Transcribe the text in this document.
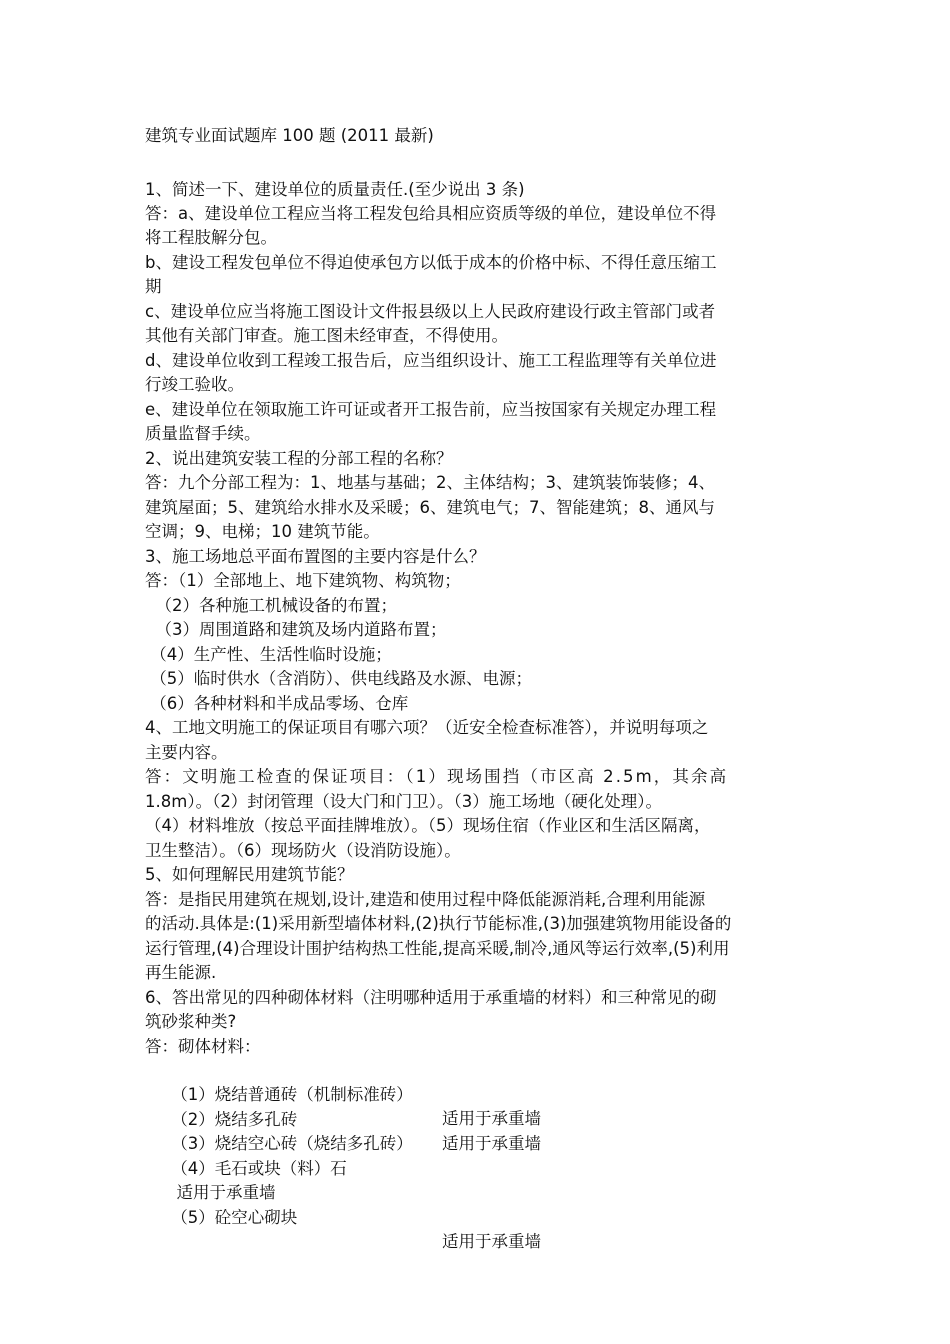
建筑专业面试题库 100 题 (2011 最新)
1、简述一下、建设单位的质量责任.(至少说出 3 条)
答：a、建设单位工程应当将工程发包给具相应资质等级的单位，建设单位不得
将工程肢解分包。
b、建设工程发包单位不得迫使承包方以低于成本的价格中标、不得任意压缩工
期
c、建设单位应当将施工图设计文件报县级以上人民政府建设行政主管部门或者
其他有关部门审查。施工图未经审查，不得使用。
d、建设单位收到工程竣工报告后，应当组织设计、施工工程监理等有关单位进
行竣工验收。
e、建设单位在领取施工许可证或者开工报告前，应当按国家有关规定办理工程
质量监督手续。
2、说出建筑安装工程的分部工程的名称？
答：九个分部工程为：1、地基与基础；2、主体结构；3、建筑装饰装修；4、
建筑屋面；5、建筑给水排水及采暖；6、建筑电气；7、智能建筑；8、通风与
空调；9、电梯；10 建筑节能。
3、施工场地总平面布置图的主要内容是什么？
答：（1）全部地上、地下建筑物、构筑物；
（2）各种施工机械设备的布置；
（3）周围道路和建筑及场内道路布置；
（4）生产性、生活性临时设施；
（5）临时供水（含消防）、供电线路及水源、电源；
（6）各种材料和半成品零场、仓库
4、工地文明施工的保证项目有哪六项？（近安全检查标准答），并说明每项之
主要内容。
答：文明施工检查的保证项目：（1）现场围挡（市区高 2.5m，其余高
1.8m）。（2）封闭管理（设大门和门卫）。（3）施工场地（硬化处理）。
（4）材料堆放（按总平面挂牌堆放）。（5）现场住宿（作业区和生活区隔离，
卫生整洁）。（6）现场防火（设消防设施）。
5、如何理解民用建筑节能？
答：是指民用建筑在规划,设计,建造和使用过程中降低能源消耗,合理利用能源
的活动.具体是:(1)采用新型墙体材料,(2)执行节能标准,(3)加强建筑物用能设备的
运行管理,(4)合理设计围护结构热工性能,提高采暖,制冷,通风等运行效率,(5)利用
再生能源.
6、答出常见的四种砌体材料（注明哪种适用于承重墙的材料）和三种常见的砌
筑砂浆种类?
答：砌体材料：

（1）烧结普通砖（机制标准砖）

适用于承重墙

（2）烧结多孔砖

适用于承重墙

（3）烧结空心砖（烧结多孔砖）

（4）毛石或块（料）石

适用于承重墙

（5）砼空心砌块

适用于承重墙
